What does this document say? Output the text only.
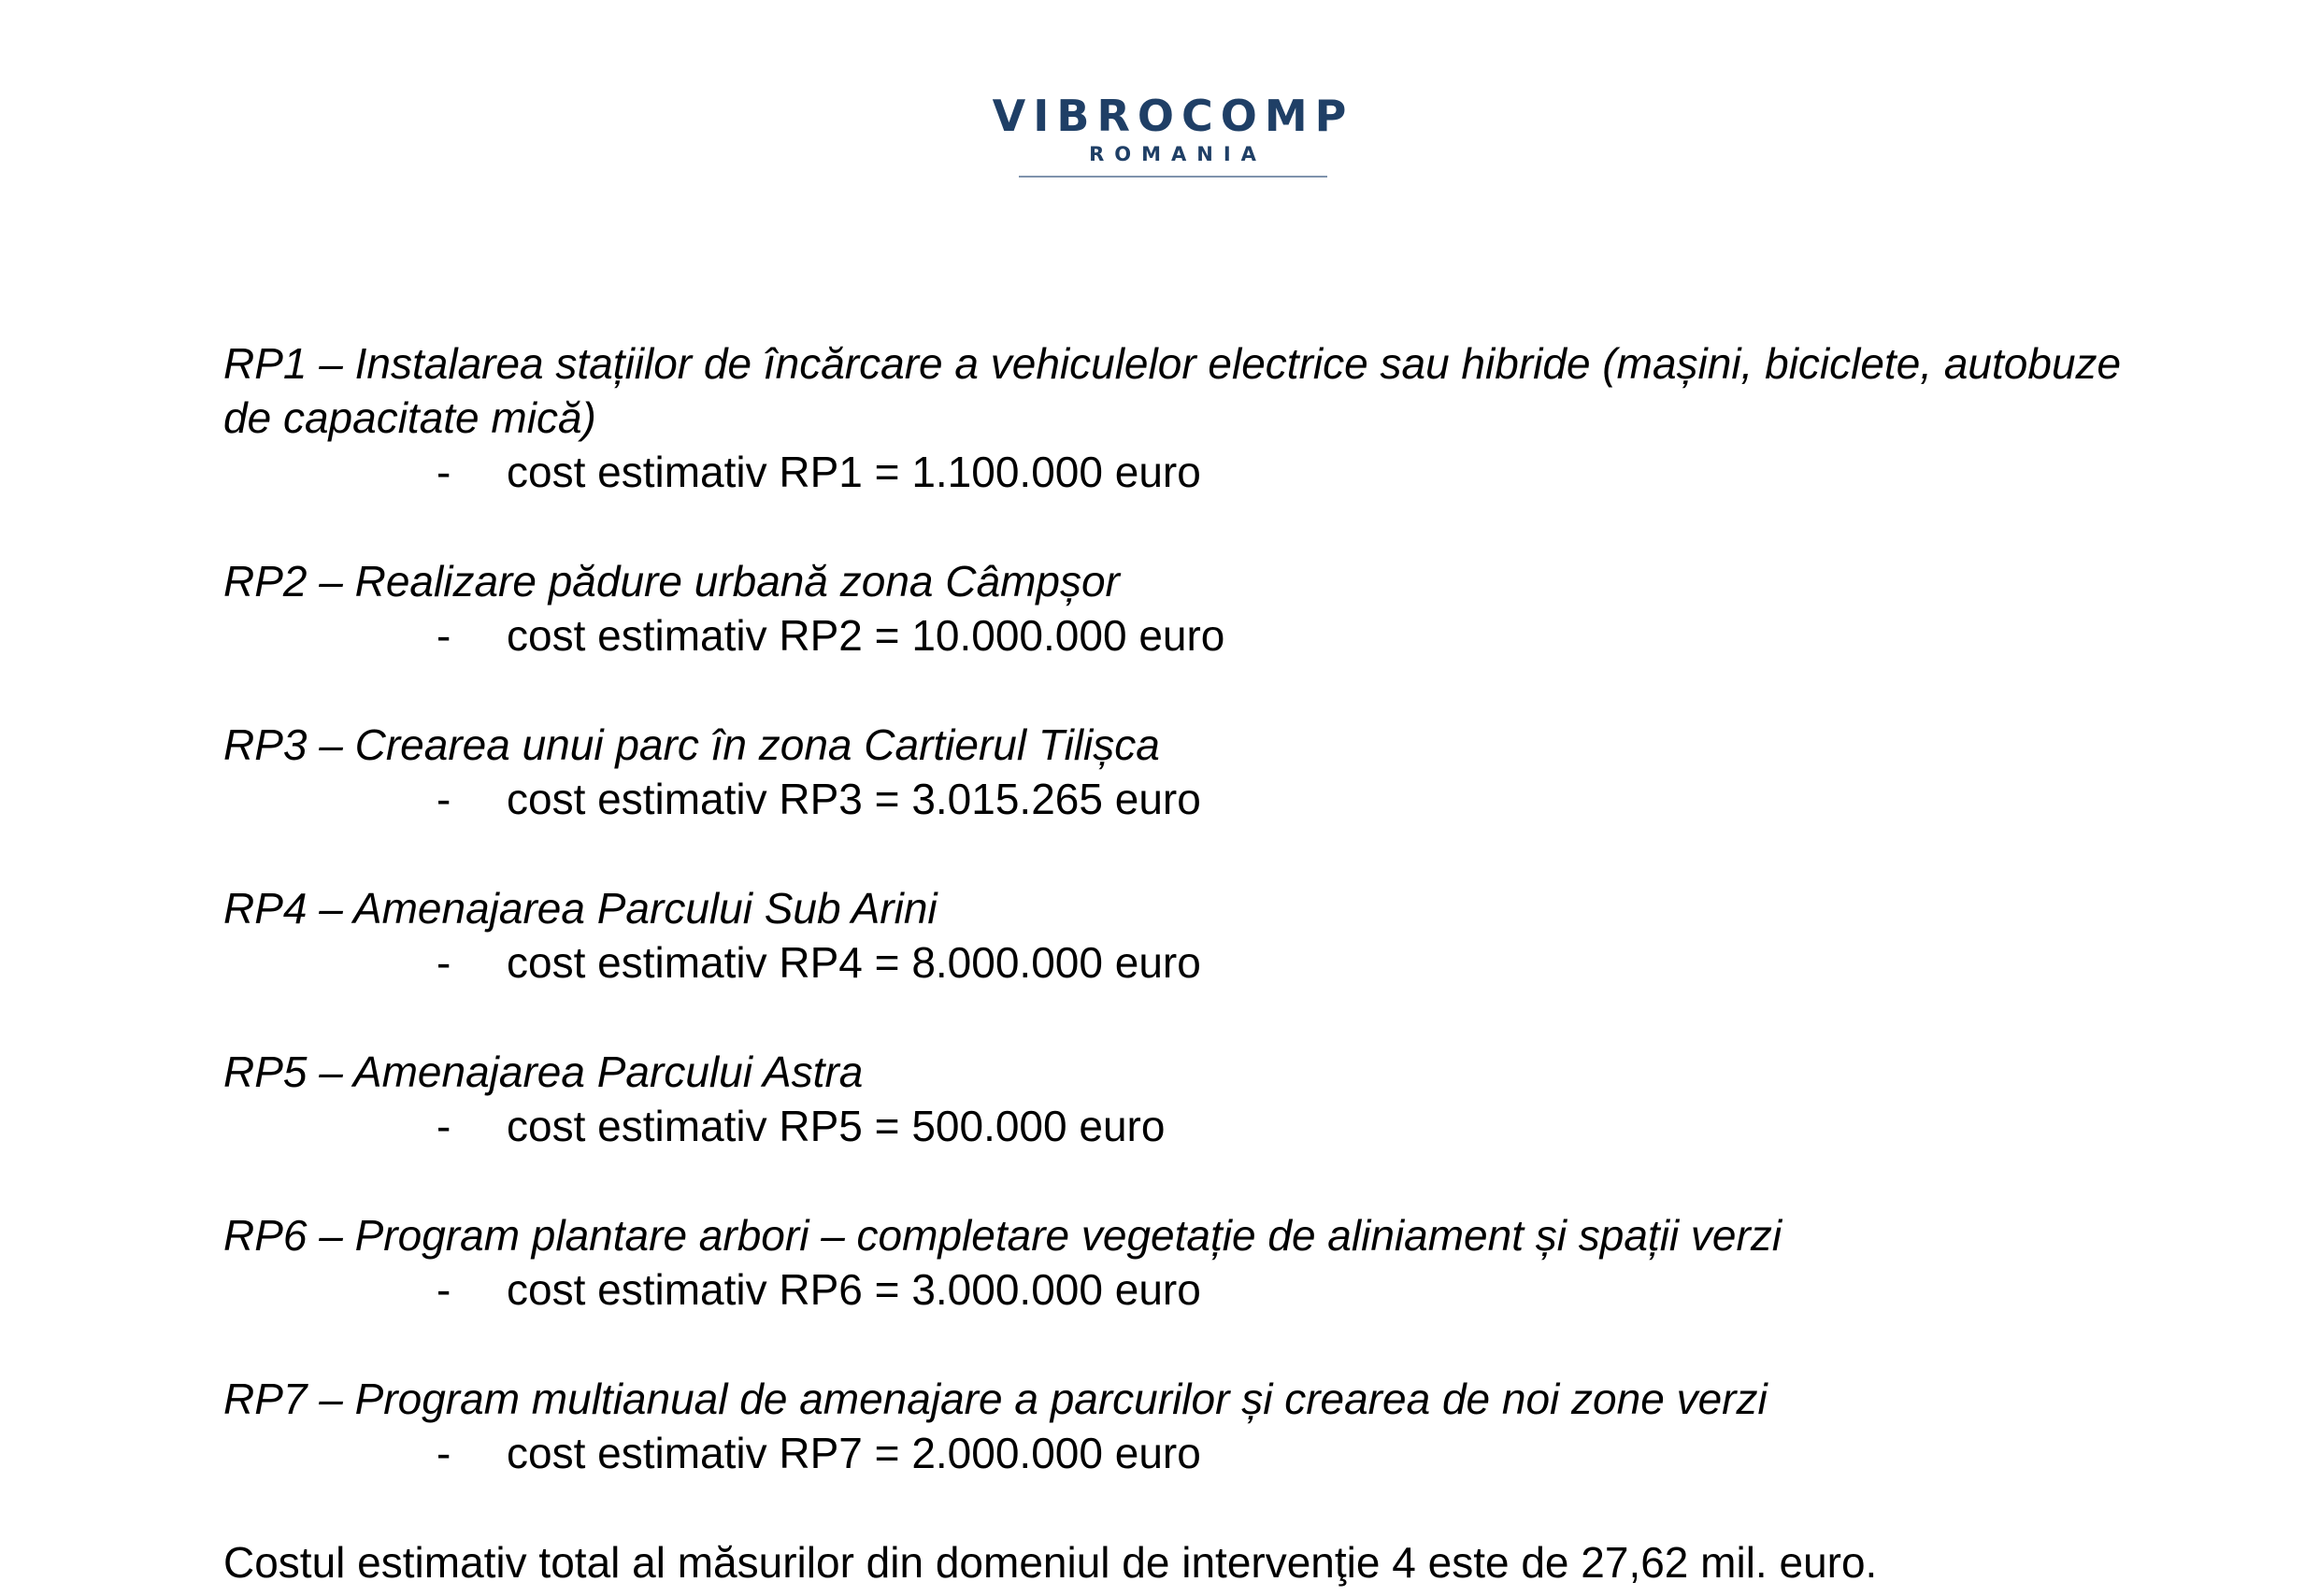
VIBROCOMP
ROMANIA

RP1 – Instalarea stațiilor de încărcare a vehiculelor electrice sau hibride (mașini, biciclete, autobuze de capacitate mică)

- cost estimativ RP1 = 1.100.000 euro

RP2 – Realizare pădure urbană zona Câmpșor

- cost estimativ RP2 = 10.000.000 euro

RP3 – Crearea unui parc în zona Cartierul Tilișca

- cost estimativ RP3 = 3.015.265 euro

RP4 – Amenajarea Parcului Sub Arini

- cost estimativ RP4 = 8.000.000 euro

RP5 – Amenajarea Parcului Astra

- cost estimativ RP5 = 500.000 euro

RP6 – Program plantare arbori – completare vegetație de aliniament și spații verzi

- cost estimativ RP6 = 3.000.000 euro

RP7 – Program multianual de amenajare a parcurilor și crearea de noi zone verzi

- cost estimativ RP7 = 2.000.000 euro

Costul estimativ total al măsurilor din domeniul de intervenţie 4 este de 27,62 mil. euro.
